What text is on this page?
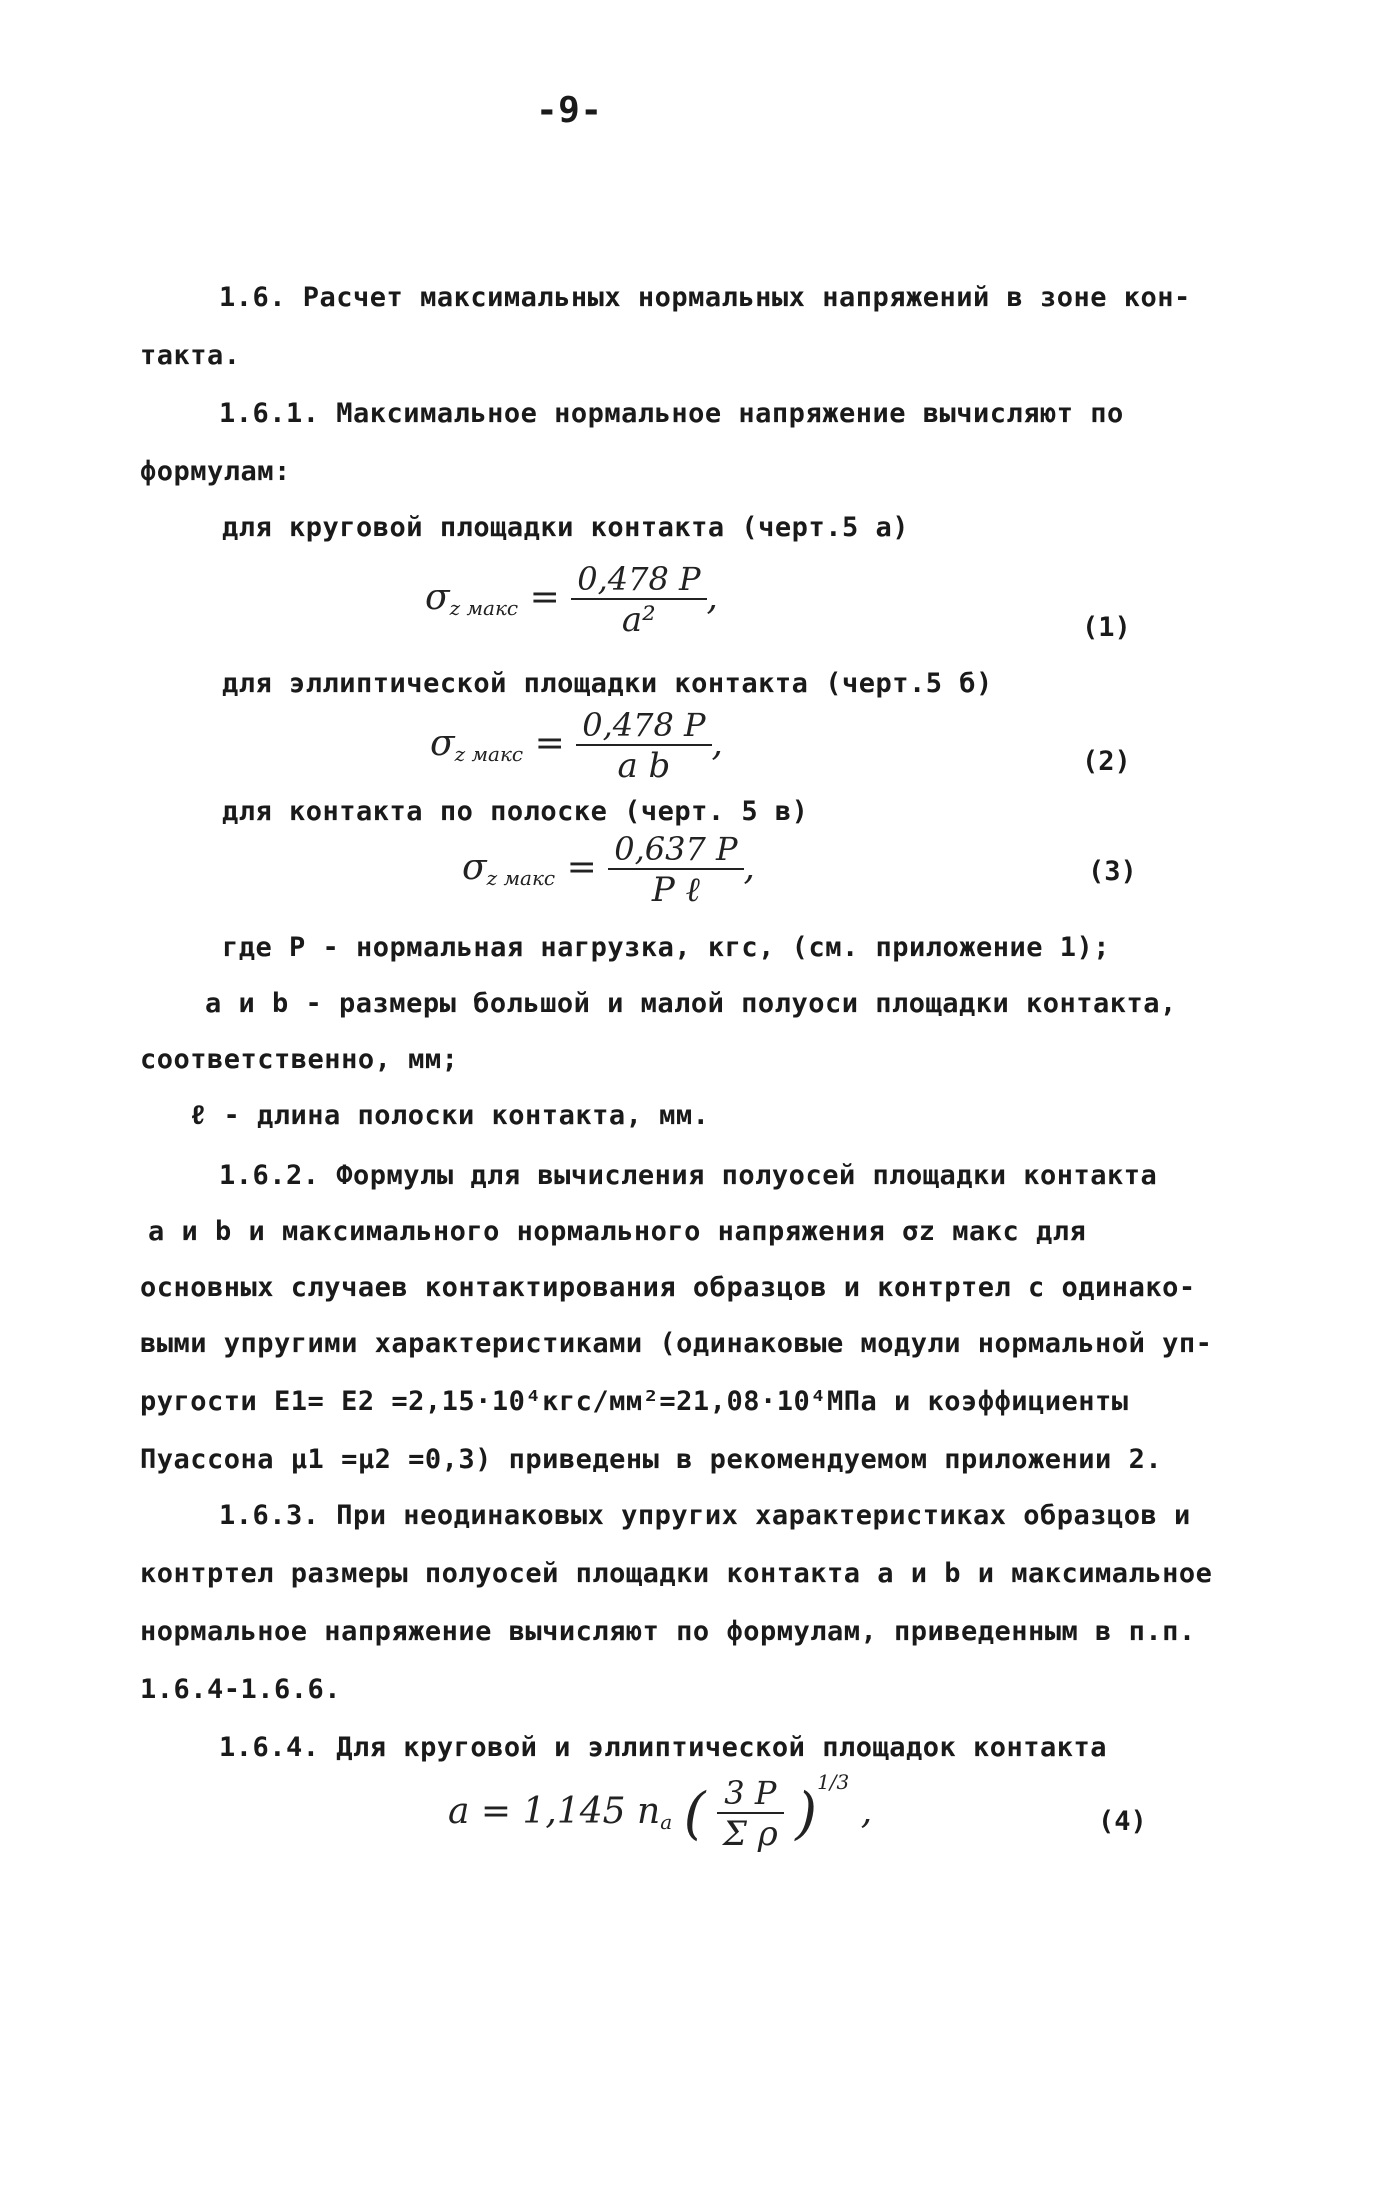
-9-
1.6. Расчет максимальных нормальных напряжений в зоне кон-
такта.
1.6.1. Максимальное нормальное напряжение вычисляют по
формулам:
для круговой площадки контакта (черт.5 а)
$\sigma_{z макс} = \frac{0,478 P}{\text{a²}}$ ,
(1)
для эллиптической площадки контакта (черт.5 б)
$\sigma_{z макс} = \frac{0,478 P}{\text{a b}}$ ,	(2)
для контакта по полоске (черт. 5 в)
$\sigma_{z макс} = \frac{0,637 P}{\text{P ℓ}}$ ,	(3)
где P - нормальная нагрузка, кгс, (см. приложение 1);
a и b - размеры большой и малой полуоси площадки контакта,
соответственно, мм;
ℓ - длина полоски контакта, мм.
1.6.2. Формулы для вычисления полуосей площадки контакта
a и b и максимального нормального напряжения σz макс для
основных случаев контактирования образцов и контртел с одинако-
выми упругими характеристиками (одинаковые модули нормальной уп-
ругости E1= E2 =2,15·10⁴кгс/мм²=21,08·10⁴МПа и коэффициенты
Пуассона μ1 =μ2 =0,3) приведены в рекомендуемом приложении 2.
1.6.3. При неодинаковых упругих характеристиках образцов и
контртел размеры полуосей площадки контакта a и b и максимальное
нормальное напряжение вычисляют по формулам, приведенным в п.п.
1.6.4-1.6.6.
1.6.4. Для круговой и эллиптической площадок контакта
a = 1,145 $n_a$ ( $\frac{3 P}{\text{Σ ρ}} )^{1/3}$ ,	(4)
